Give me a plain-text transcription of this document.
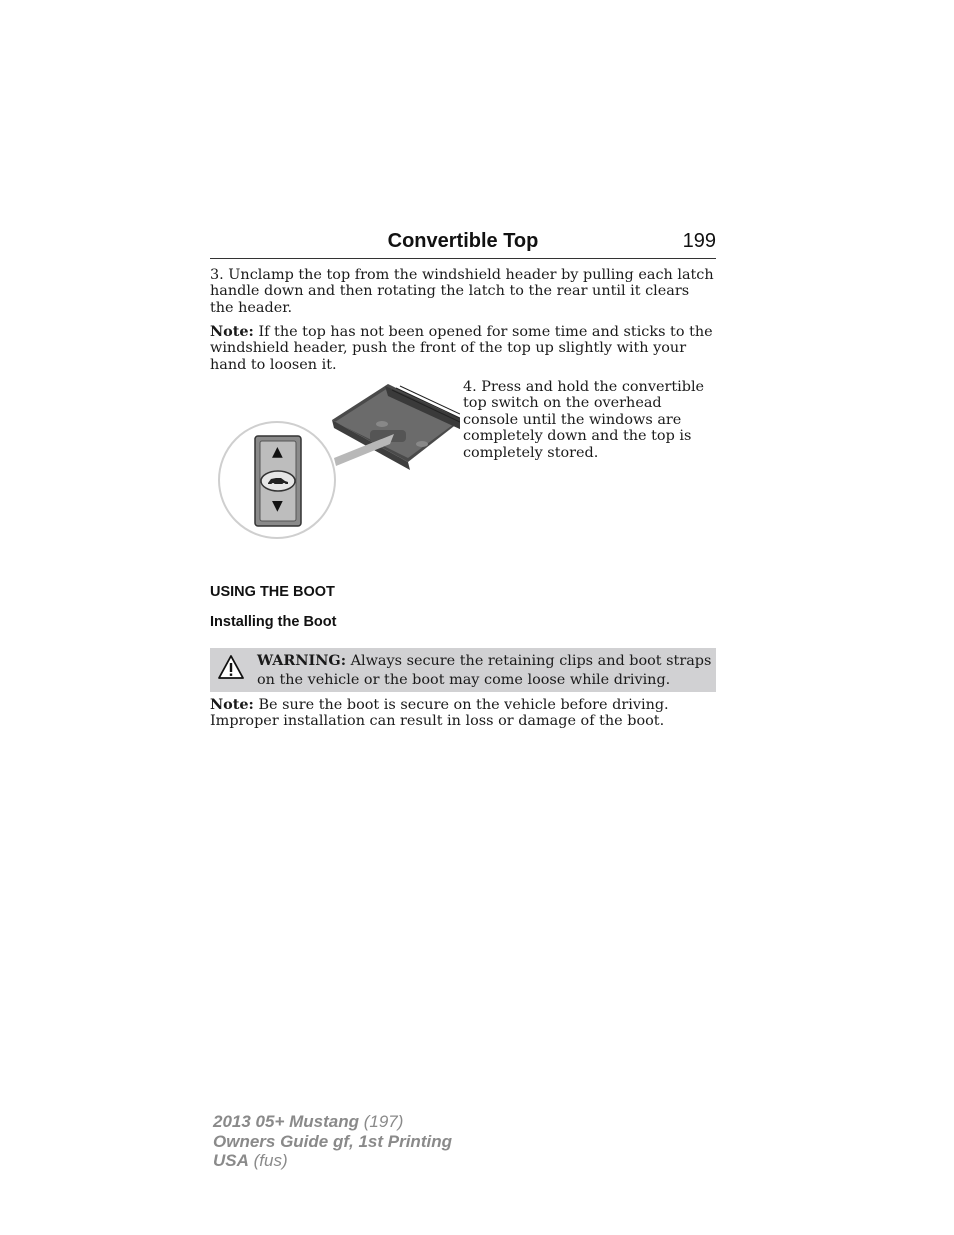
Convertible Top	199

3. Unclamp the top from the windshield header by pulling each latch handle down and then rotating the latch to the rear until it clears the header.

Note: If the top has not been opened for some time and sticks to the windshield header, push the front of the top up slightly with your hand to loosen it.

▲
▼

4. Press and hold the convertible top switch on the overhead console until the windows are completely down and the top is completely stored.

USING THE BOOT
Installing the Boot
WARNING: Always secure the retaining clips and boot straps on the vehicle or the boot may come loose while driving.

Note: Be sure the boot is secure on the vehicle before driving. Improper installation can result in loss or damage of the boot.

2013 05+ Mustang (197)
Owners Guide gf, 1st Printing
USA (fus)
